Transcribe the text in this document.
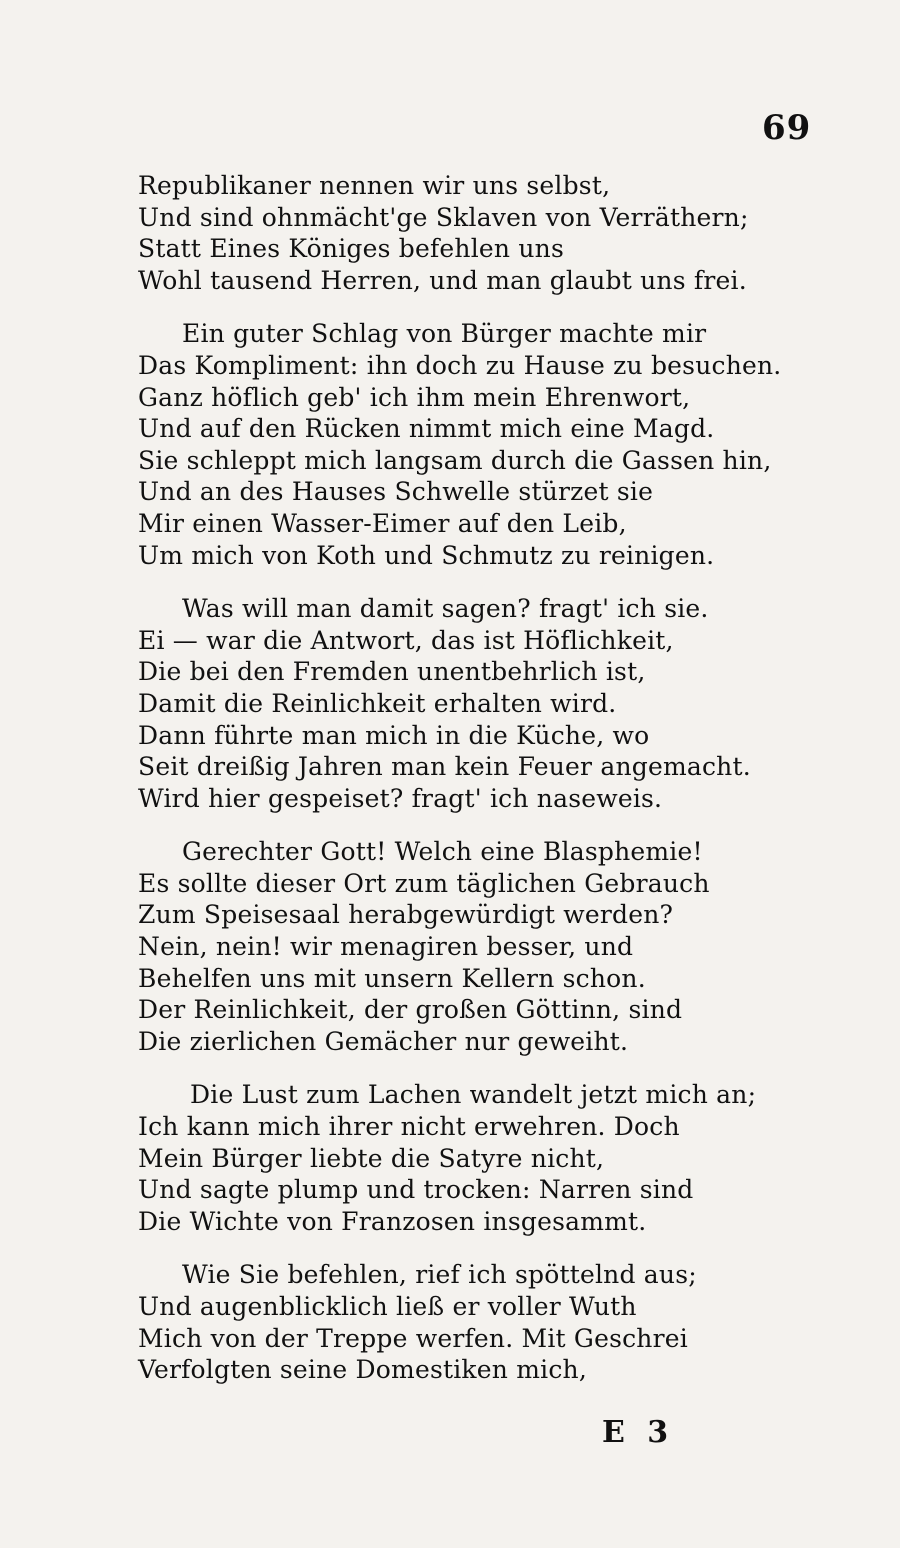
69
Republikaner nennen wir uns selbst,
Und sind ohnmächt'ge Sklaven von Verräthern;
Statt Eines Königes befehlen uns
Wohl tausend Herren, und man glaubt uns frei.
Ein guter Schlag von Bürger machte mir
Das Kompliment: ihn doch zu Hause zu besuchen.
Ganz höflich geb' ich ihm mein Ehrenwort,
Und auf den Rücken nimmt mich eine Magd.
Sie schleppt mich langsam durch die Gassen hin,
Und an des Hauses Schwelle stürzet sie
Mir einen Wasser-Eimer auf den Leib,
Um mich von Koth und Schmutz zu reinigen.
Was will man damit sagen? fragt' ich sie.
Ei — war die Antwort, das ist Höflichkeit,
Die bei den Fremden unentbehrlich ist,
Damit die Reinlichkeit erhalten wird.
Dann führte man mich in die Küche, wo
Seit dreißig Jahren man kein Feuer angemacht.
Wird hier gespeiset? fragt' ich naseweis.
Gerechter Gott! Welch eine Blasphemie!
Es sollte dieser Ort zum täglichen Gebrauch
Zum Speisesaal herabgewürdigt werden?
Nein, nein! wir menagiren besser, und
Behelfen uns mit unsern Kellern schon.
Der Reinlichkeit, der großen Göttinn, sind
Die zierlichen Gemächer nur geweiht.
Die Lust zum Lachen wandelt jetzt mich an;
Ich kann mich ihrer nicht erwehren. Doch
Mein Bürger liebte die Satyre nicht,
Und sagte plump und trocken: Narren sind
Die Wichte von Franzosen insgesammt.
Wie Sie befehlen, rief ich spöttelnd aus;
Und augenblicklich ließ er voller Wuth
Mich von der Treppe werfen. Mit Geschrei
Verfolgten seine Domestiken mich,
E 3
